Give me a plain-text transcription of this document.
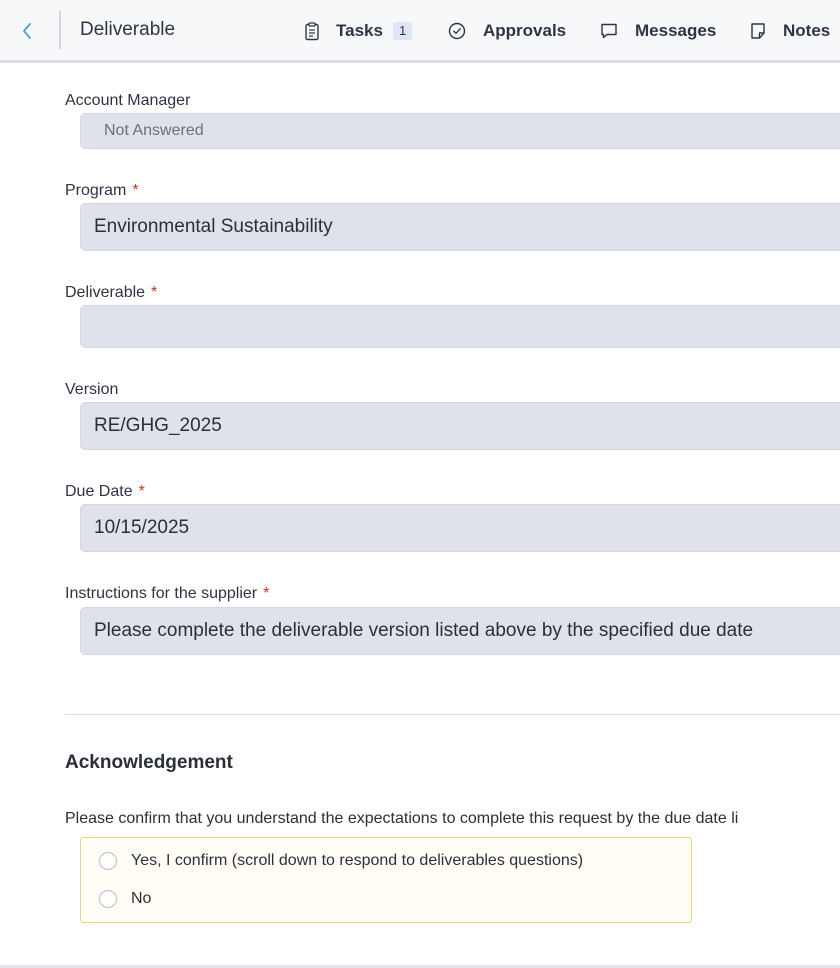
Deliverable	Tasks	1	Approvals	Messages	Notes
Account Manager
Not Answered
Program *
Environmental Sustainability
Deliverable *
Version
RE/GHG_2025
Due Date *
10/15/2025
Instructions for the supplier *
Please complete the deliverable version listed above by the specified due date
Acknowledgement
Please confirm that you understand the expectations to complete this request by the due date li
Yes, I confirm (scroll down to respond to deliverables questions)
No
